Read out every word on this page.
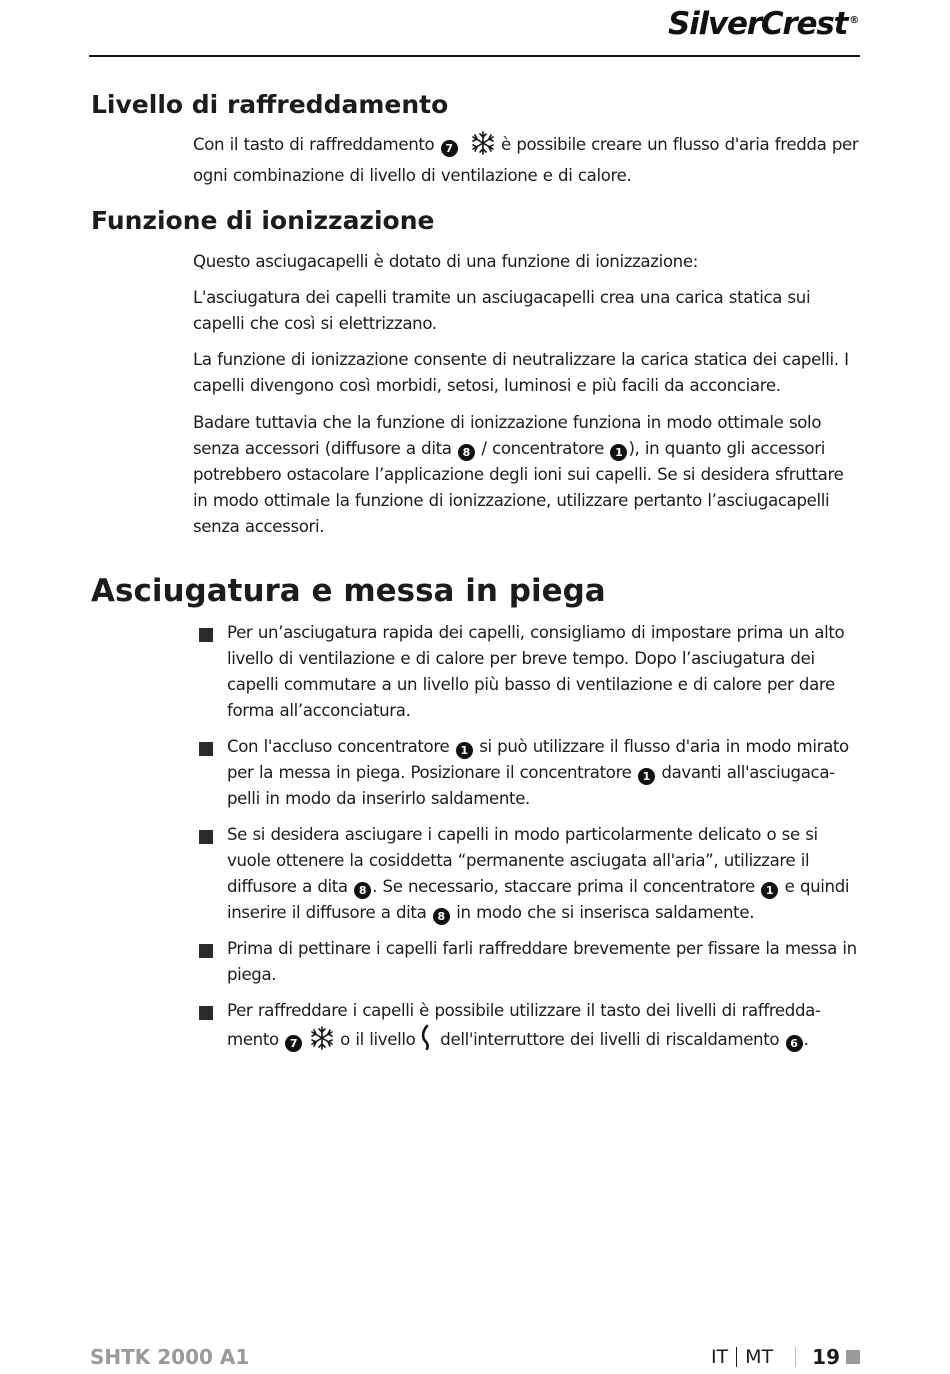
SilverCrest ®
Livello di raffreddamento

Con il tasto di raffreddamento 7	è possibile creare un flusso d'aria fredda per ogni combinazione di livello di ventilazione e di calore.

Funzione di ionizzazione

Questo asciugacapelli è dotato di una funzione di ionizzazione:

L'asciugatura dei capelli tramite un asciugacapelli crea una carica statica sui capelli che così si elettrizzano.

La funzione di ionizzazione consente di neutralizzare la carica statica dei capelli. I capelli divengono così morbidi, setosi, luminosi e più facili da acconciare.

Badare tuttavia che la funzione di ionizzazione funziona in modo ottimale solo senza accessori (diffusore a dita 8 / concentratore 1 ), in quanto gli accessori potrebbero ostacolare l’applicazione degli ioni sui capelli. Se si desidera sfruttare in modo ottimale la funzione di ionizzazione, utilizzare pertanto l’asciugacapelli senza accessori.

Asciugatura e messa in piega
Per un’asciugatura rapida dei capelli, consigliamo di impostare prima un alto livello di ventilazione e di calore per breve tempo. Dopo l’asciugatura dei capelli commutare a un livello più basso di ventilazione e di calore per dare forma all’acconciatura.
Con l'accluso concentratore 1 si può utilizzare il flusso d'aria in modo mirato per la messa in piega. Posizionare il concentratore 1 davanti all'asciugacapelli in modo da inserirlo saldamente.
Se si desidera asciugare i capelli in modo particolarmente delicato o se si vuole ottenere la cosiddetta “permanente asciugata all'aria”, utilizzare il diffusore a dita 8 . Se necessario, staccare prima il concentratore 1 e quindi inserire il diffusore a dita 8 in modo che si inserisca saldamente.
Prima di pettinare i capelli farli raffreddare brevemente per fissare la messa in piega.
Per raffreddare i capelli è possibile utilizzare il tasto dei livelli di raffreddamento 7  o il livello  dell'interruttore dei livelli di riscaldamento 6 .
SHTK 2000 A1	IT MT 19
